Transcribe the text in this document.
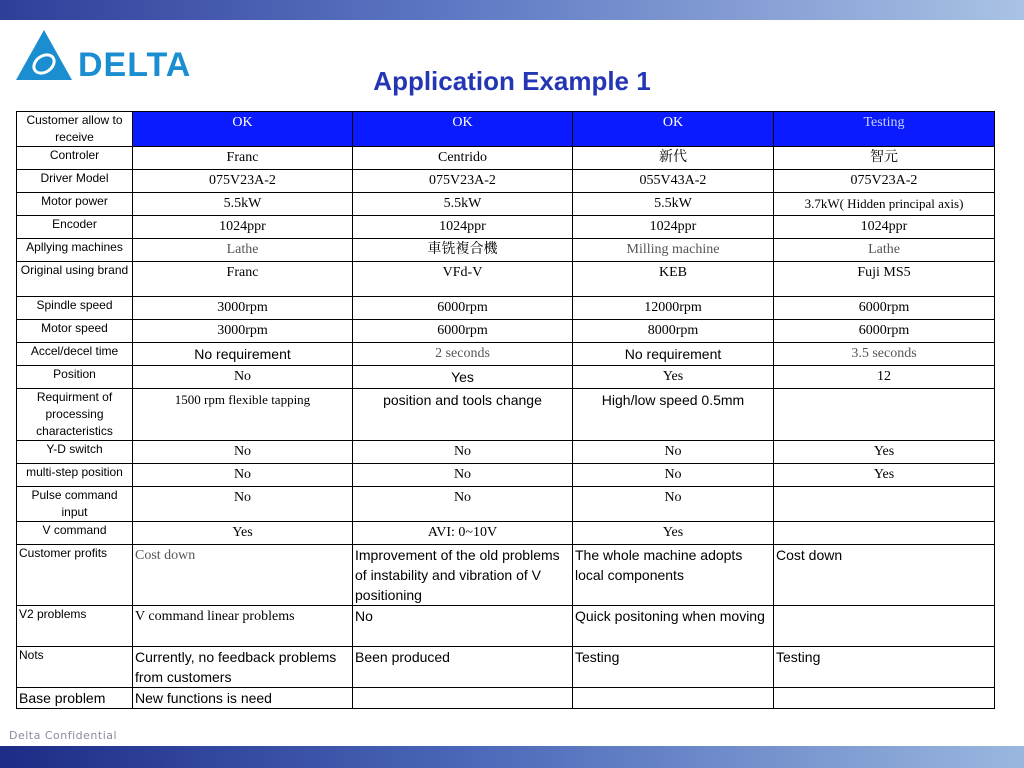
DELTA	Application Example 1
Customer allow to receive	OK	OK	OK	Testing
Controler	Franc	Centrido	新代	智元
Driver Model	075V23A-2	075V23A-2	055V43A-2	075V23A-2
Motor power	5.5kW	5.5kW	5.5kW	3.7kW( Hidden principal axis)
Encoder	1024ppr	1024ppr	1024ppr	1024ppr
Apllying machines	Lathe	車铣複合機	Milling machine	Lathe
Original using brand	Franc	VFd-V	KEB	Fuji MS5
Spindle speed	3000rpm	6000rpm	12000rpm	6000rpm
Motor speed	3000rpm	6000rpm	8000rpm	6000rpm
Accel/decel time	No requirement	2 seconds	No requirement	3.5 seconds
Position	No	Yes	Yes	12
Requirment of processing characteristics	1500 rpm flexible tapping	position and tools change	High/low speed 0.5mm	
Y-D switch	No	No	No	Yes
multi-step position	No	No	No	Yes
Pulse command input	No	No	No	
V command	Yes	AVI: 0~10V	Yes	
Customer profits	Cost down	Improvement of the old problems of instability and vibration of V positioning	The whole machine adopts local components	Cost down
V2 problems	V command linear problems	No	Quick positoning when moving	
Nots	Currently, no feedback problems from customers	Been produced	Testing	Testing
Base problem	New functions is need			
Delta Confidential
